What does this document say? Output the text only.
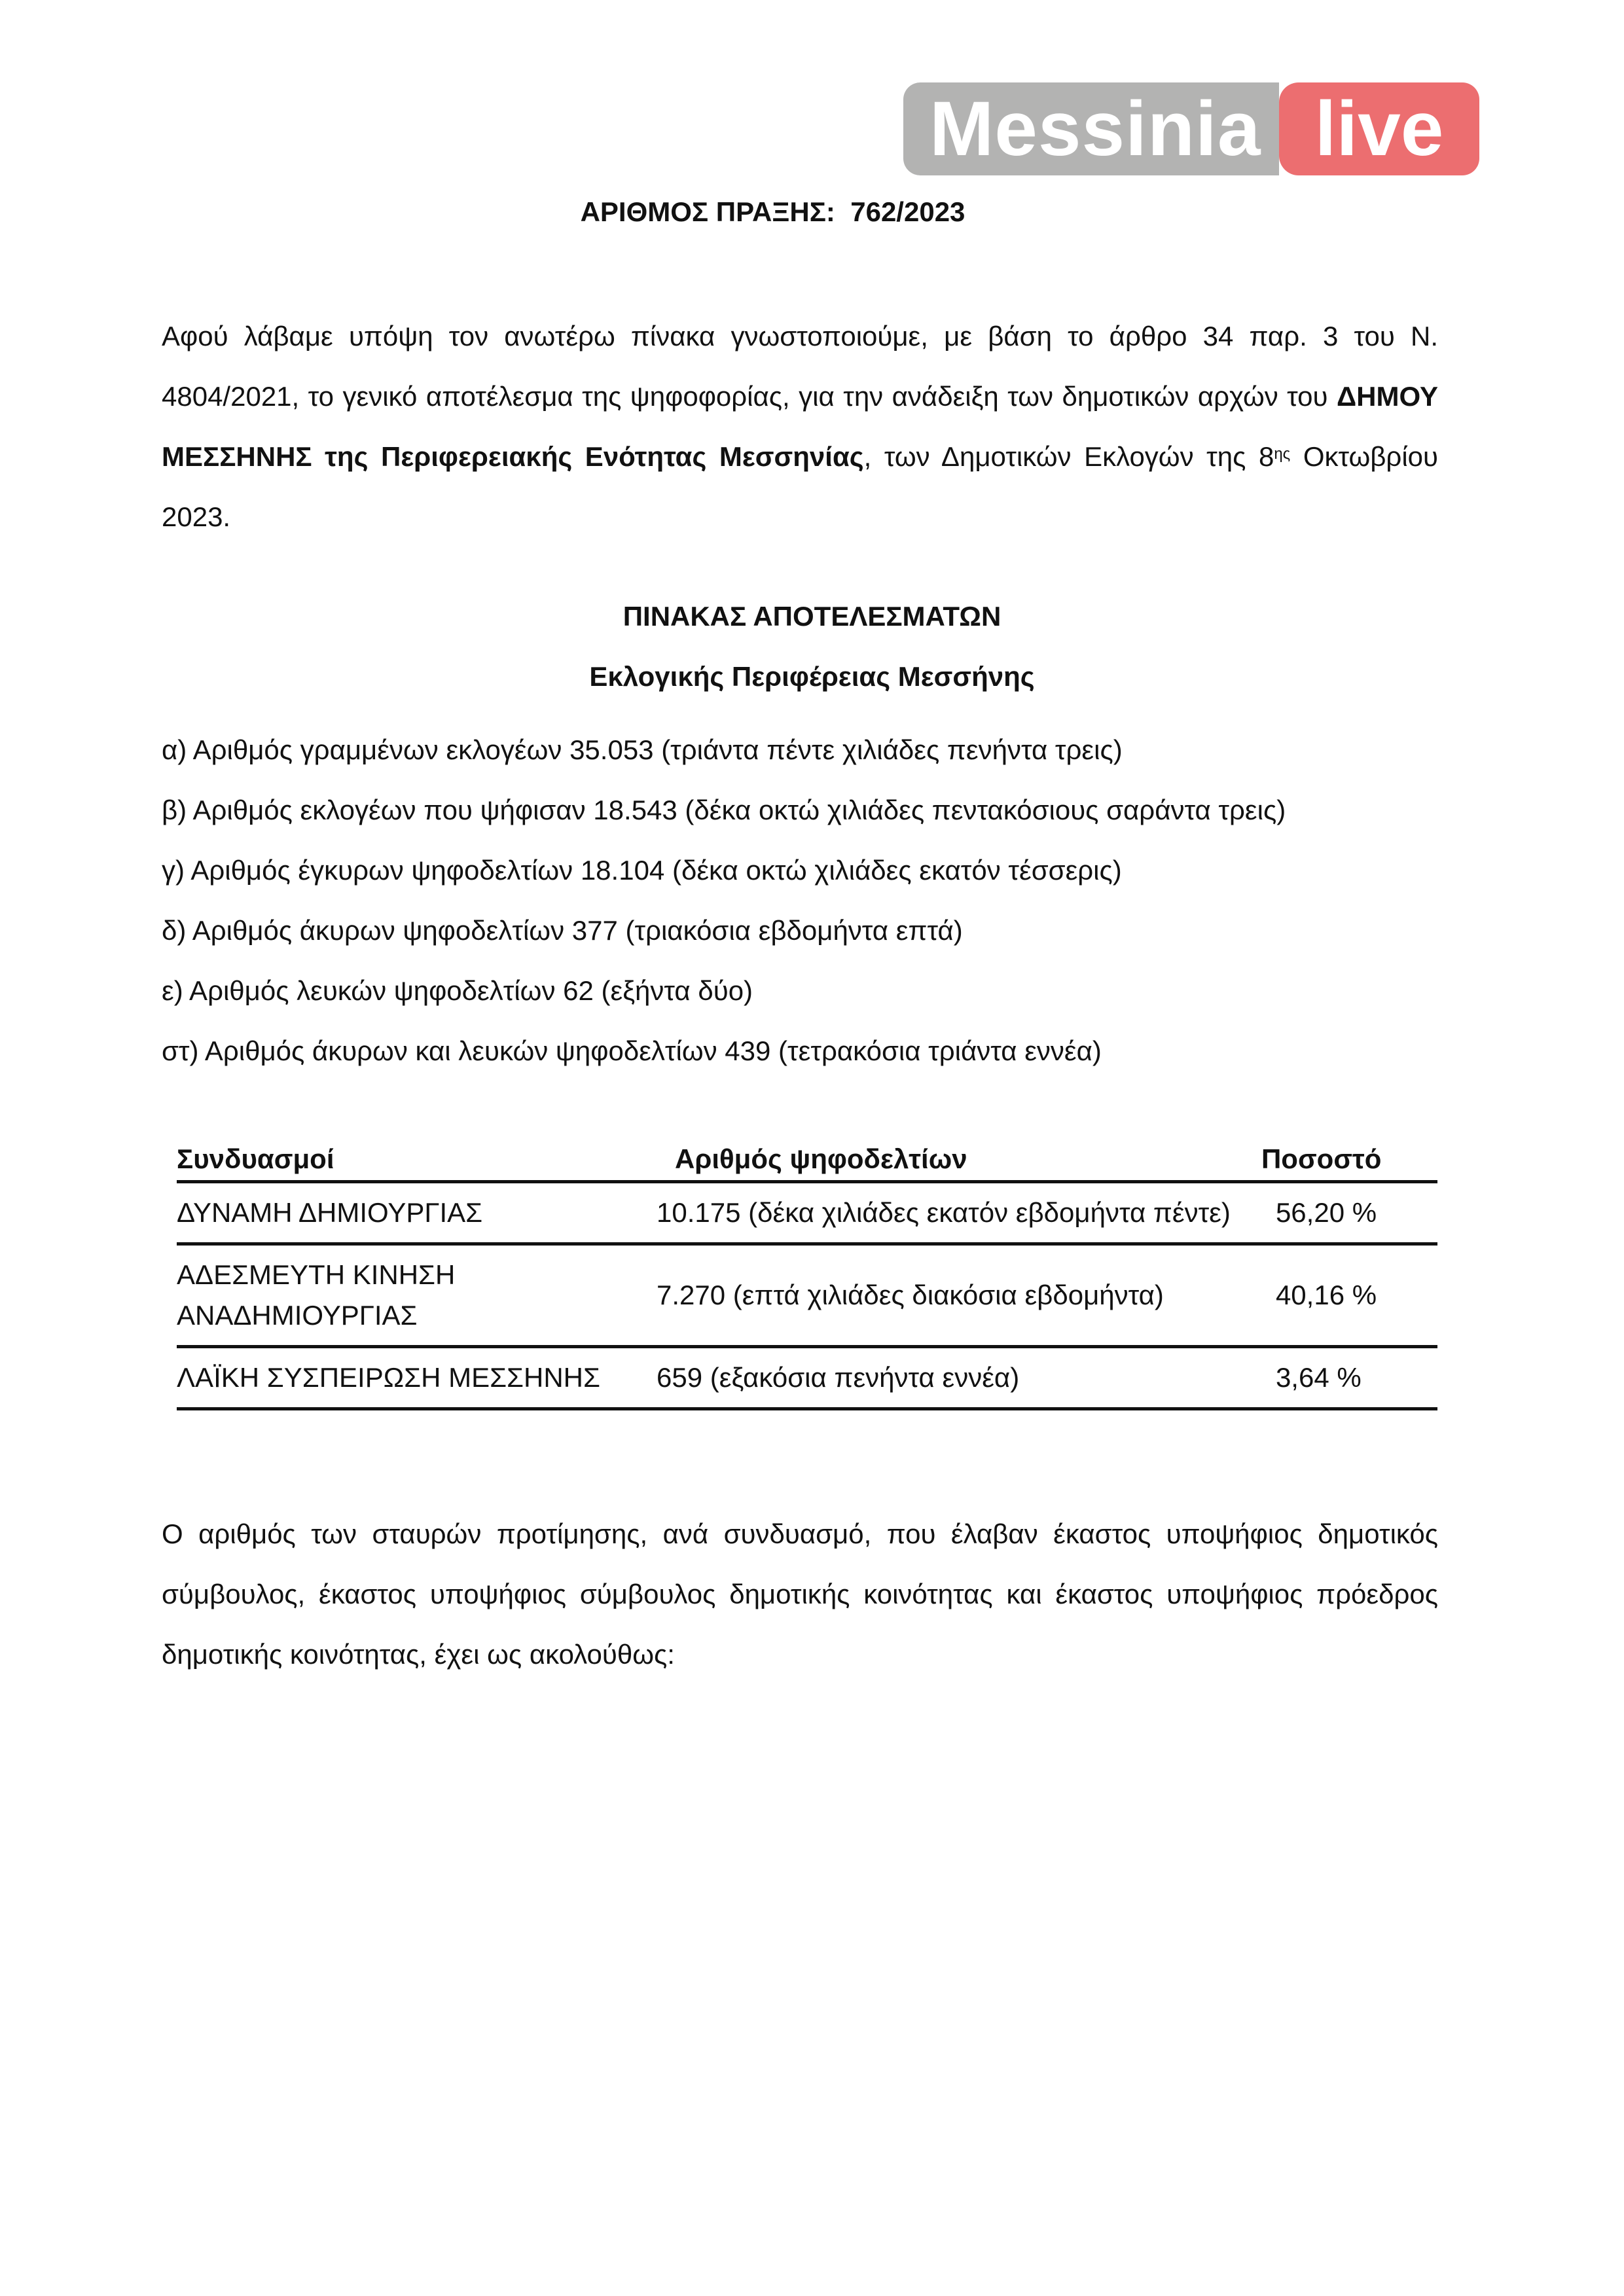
Messinia live
ΑΡΙΘΜΟΣ ΠΡΑΞΗΣ: 762/2023
Αφού λάβαμε υπόψη τον ανωτέρω πίνακα γνωστοποιούμε, με βάση το άρθρο 34 παρ. 3 του Ν. 4804/2021, το γενικό αποτέλεσμα της ψηφοφορίας, για την ανάδειξη των δημοτικών αρχών του ΔΗΜΟΥ ΜΕΣΣΗΝΗΣ της Περιφερειακής Ενότητας Μεσσηνίας, των Δημοτικών Εκλογών της $8^{\eta\varsigma}$ Οκτωβρίου 2023.
ΠΙΝΑΚΑΣ ΑΠΟΤΕΛΕΣΜΑΤΩΝ
Εκλογικής Περιφέρειας Μεσσήνης
α) Αριθμός γραμμένων εκλογέων 35.053 (τριάντα πέντε χιλιάδες πενήντα τρεις)
β) Αριθμός εκλογέων που ψήφισαν 18.543 (δέκα οκτώ χιλιάδες πεντακόσιους σαράντα τρεις)
γ) Αριθμός έγκυρων ψηφοδελτίων 18.104 (δέκα οκτώ χιλιάδες εκατόν τέσσερις)
δ) Αριθμός άκυρων ψηφοδελτίων 377 (τριακόσια εβδομήντα επτά)
ε) Αριθμός λευκών ψηφοδελτίων 62 (εξήντα δύο)
στ) Αριθμός άκυρων και λευκών ψηφοδελτίων 439 (τετρακόσια τριάντα εννέα)
Συνδυασμοί	Αριθμός ψηφοδελτίων	Ποσοστό
ΔΥΝΑΜΗ ΔΗΜΙΟΥΡΓΙΑΣ	10.175 (δέκα χιλιάδες εκατόν εβδομήντα πέντε)	56,20 %
ΑΔΕΣΜΕΥΤΗ ΚΙΝΗΣΗ ΑΝΑΔΗΜΙΟΥΡΓΙΑΣ	7.270 (επτά χιλιάδες διακόσια εβδομήντα)	40,16 %
ΛΑΪΚΗ ΣΥΣΠΕΙΡΩΣΗ ΜΕΣΣΗΝΗΣ	659 (εξακόσια πενήντα εννέα)	3,64 %
Ο αριθμός των σταυρών προτίμησης, ανά συνδυασμό, που έλαβαν έκαστος υποψήφιος δημοτικός σύμβουλος, έκαστος υποψήφιος σύμβουλος δημοτικής κοινότητας και έκαστος υποψήφιος πρόεδρος δημοτικής κοινότητας, έχει ως ακολούθως:
